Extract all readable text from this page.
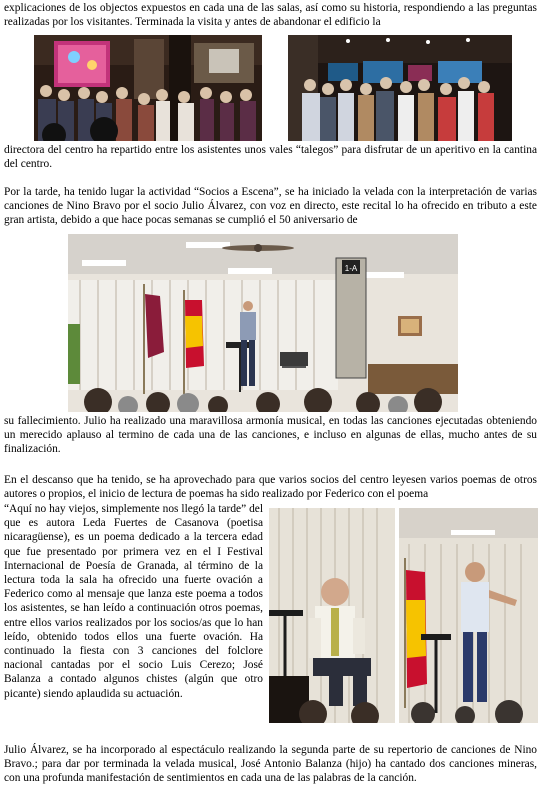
explicaciones de los objectos expuestos en cada una de las salas, así como su historia, respondiendo a las preguntas realizadas por los visitantes. Terminada la visita y antes de abandonar el edificio la

directora del centro ha repartido entre los asistentes unos vales “talegos” para disfrutar de un aperitivo en la cantina del centro.

Por la tarde, ha tenido lugar la actividad “Socios a Escena”, se ha iniciado la velada con la interpretación de varias canciones de Nino Bravo por el socio Julio Álvarez, con voz en directo, este recital lo ha ofrecido en tributo a este gran artista, debido a que hace pocas semanas se cumplió el 50 aniversario de

1-A

su fallecimiento. Julio ha realizado una maravillosa armonía musical, en todas las canciones ejecutadas obteniendo un merecido aplauso al termino de cada una de las canciones, e incluso en algunas de ellas, mucho antes de su finalización.

En el descanso que ha tenido, se ha aprovechado para que varios socios del centro leyesen varios poemas de otros autores o propios, el inicio de lectura de poemas ha sido realizado por Federico con el poema

“Aquí no hay viejos, simplemente nos llegó la tarde” del que es autora Leda Fuertes de Casanova (poetisa nicaragüense), es un poema dedicado a la tercera edad que fue presentado por primera vez en el I Festival Internacional de Poesía de Granada, al término de la lectura toda la sala ha ofrecido una fuerte ovación a Federico como al mensaje que lanza este poema a todos los asistentes, se han leído a continuación otros poemas, entre ellos varios realizados por los socios/as que lo han leído, obtenido todos ellos una fuerte ovación. Ha continuado la fiesta con 3 canciones del folclore nacional cantadas por el socio Luis Cerezo; José Balanza a contado algunos chistes (algún que otro picante) siendo aplaudida su actuación.

Julio Álvarez, se ha incorporado al espectáculo realizando la segunda parte de su repertorio de canciones de Nino Bravo.; para dar por terminada la velada musical, José Antonio Balanza (hijo) ha cantado dos canciones mineras, con una profunda manifestación de sentimientos en cada una de las palabras de la canción.
